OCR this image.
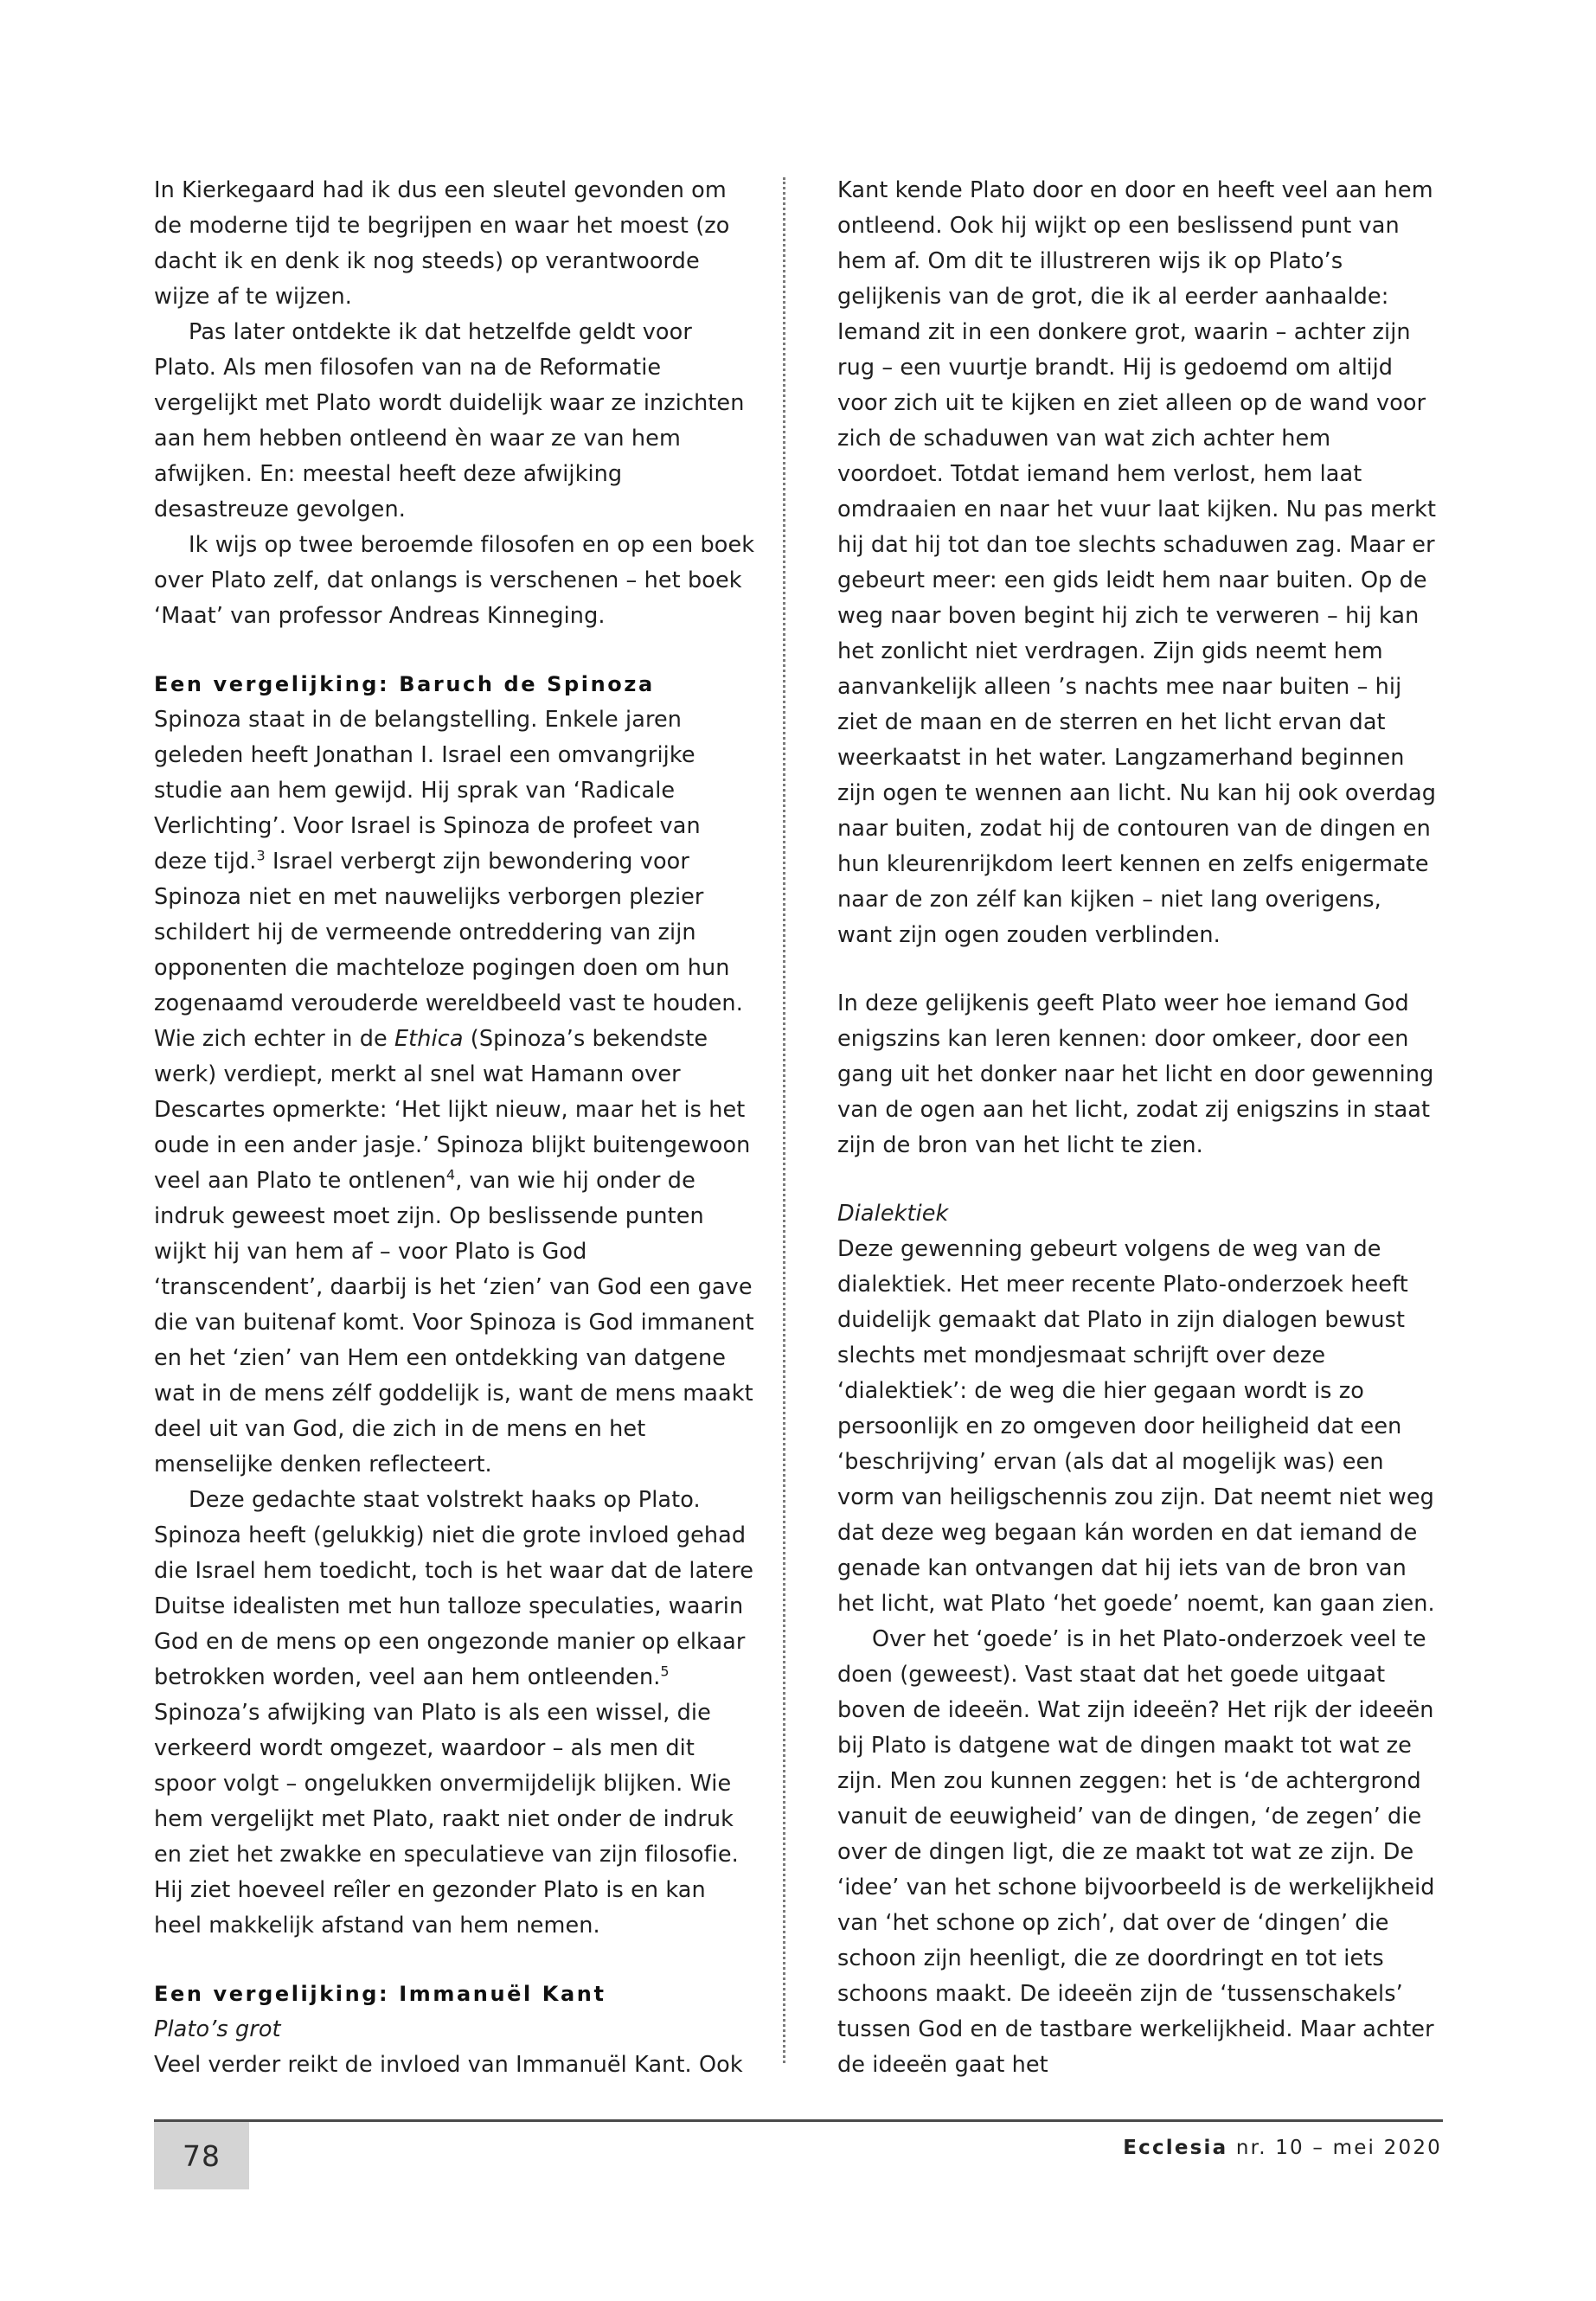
In Kierkegaard had ik dus een sleutel gevonden om de moderne tijd te begrijpen en waar het moest (zo dacht ik en denk ik nog steeds) op verantwoorde wijze af te wijzen.

Pas later ontdekte ik dat hetzelfde geldt voor Plato. Als men filosofen van na de Reformatie vergelijkt met Plato wordt duidelijk waar ze inzichten aan hem hebben ontleend èn waar ze van hem afwijken. En: meestal heeft deze afwijking desastreuze gevolgen.

Ik wijs op twee beroemde filosofen en op een boek over Plato zelf, dat onlangs is verschenen – het boek ‘Maat’ van professor Andreas Kinneging.

Een vergelijking: Baruch de Spinoza

Spinoza staat in de belangstelling. Enkele jaren geleden heeft Jonathan I. Israel een omvangrijke studie aan hem gewijd. Hij sprak van ‘Radicale Verlichting’. Voor Israel is Spinoza de profeet van deze tijd.$^3$ Israel verbergt zijn bewondering voor Spinoza niet en met nauwelijks verborgen plezier schildert hij de vermeende ontreddering van zijn opponenten die machteloze pogingen doen om hun zogenaamd verouderde wereldbeeld vast te houden. Wie zich echter in de Ethica (Spinoza’s bekendste werk) verdiept, merkt al snel wat Hamann over Descartes opmerkte: ‘Het lijkt nieuw, maar het is het oude in een ander jasje.’ Spinoza blijkt buitengewoon veel aan Plato te ontlenen$^4$, van wie hij onder de indruk geweest moet zijn. Op beslissende punten wijkt hij van hem af – voor Plato is God ‘transcendent’, daarbij is het ‘zien’ van God een gave die van buitenaf komt. Voor Spinoza is God immanent en het ‘zien’ van Hem een ontdekking van datgene wat in de mens zélf goddelijk is, want de mens maakt deel uit van God, die zich in de mens en het menselijke denken reflecteert.

Deze gedachte staat volstrekt haaks op Plato. Spinoza heeft (gelukkig) niet die grote invloed gehad die Israel hem toedicht, toch is het waar dat de latere Duitse idealisten met hun talloze speculaties, waarin God en de mens op een ongezonde manier op elkaar betrokken worden, veel aan hem ontleenden.$^5$ Spinoza’s afwijking van Plato is als een wissel, die verkeerd wordt omgezet, waardoor – als men dit spoor volgt – ongelukken onvermijdelijk blijken. Wie hem vergelijkt met Plato, raakt niet onder de indruk en ziet het zwakke en speculatieve van zijn filosofie. Hij ziet hoeveel reîler en gezonder Plato is en kan heel makkelijk afstand van hem nemen.

Een vergelijking: Immanuël Kant

Plato’s grot

Veel verder reikt de invloed van Immanuël Kant. Ook

Kant kende Plato door en door en heeft veel aan hem ontleend. Ook hij wijkt op een beslissend punt van hem af. Om dit te illustreren wijs ik op Plato’s gelijkenis van de grot, die ik al eerder aanhaalde: Iemand zit in een donkere grot, waarin – achter zijn rug – een vuurtje brandt. Hij is gedoemd om altijd voor zich uit te kijken en ziet alleen op de wand voor zich de schaduwen van wat zich achter hem voordoet. Totdat iemand hem verlost, hem laat omdraaien en naar het vuur laat kijken. Nu pas merkt hij dat hij tot dan toe slechts schaduwen zag. Maar er gebeurt meer: een gids leidt hem naar buiten. Op de weg naar boven begint hij zich te verweren – hij kan het zonlicht niet verdragen. Zijn gids neemt hem aanvankelijk alleen ’s nachts mee naar buiten – hij ziet de maan en de sterren en het licht ervan dat weerkaatst in het water. Langzamerhand beginnen zijn ogen te wennen aan licht. Nu kan hij ook overdag naar buiten, zodat hij de contouren van de dingen en hun kleurenrijkdom leert kennen en zelfs enigermate naar de zon zélf kan kijken – niet lang overigens, want zijn ogen zouden verblinden.

In deze gelijkenis geeft Plato weer hoe iemand God enigszins kan leren kennen: door omkeer, door een gang uit het donker naar het licht en door gewenning van de ogen aan het licht, zodat zij enigszins in staat zijn de bron van het licht te zien.

Dialektiek

Deze gewenning gebeurt volgens de weg van de dialektiek. Het meer recente Plato-onderzoek heeft duidelijk gemaakt dat Plato in zijn dialogen bewust slechts met mondjesmaat schrijft over deze ‘dialektiek’: de weg die hier gegaan wordt is zo persoonlijk en zo omgeven door heiligheid dat een ‘beschrijving’ ervan (als dat al mogelijk was) een vorm van heiligschennis zou zijn. Dat neemt niet weg dat deze weg begaan kán worden en dat iemand de genade kan ontvangen dat hij iets van de bron van het licht, wat Plato ‘het goede’ noemt, kan gaan zien.

Over het ‘goede’ is in het Plato-onderzoek veel te doen (geweest). Vast staat dat het goede uitgaat boven de ideeën. Wat zijn ideeën? Het rijk der ideeën bij Plato is datgene wat de dingen maakt tot wat ze zijn. Men zou kunnen zeggen: het is ‘de achtergrond vanuit de eeuwigheid’ van de dingen, ‘de zegen’ die over de dingen ligt, die ze maakt tot wat ze zijn. De ‘idee’ van het schone bijvoorbeeld is de werkelijkheid van ‘het schone op zich’, dat over de ‘dingen’ die schoon zijn heenligt, die ze doordringt en tot iets schoons maakt. De ideeën zijn de ‘tussenschakels’ tussen God en de tastbare werkelijkheid. Maar achter de ideeën gaat het

78	Ecclesia nr. 10 – mei 2020
